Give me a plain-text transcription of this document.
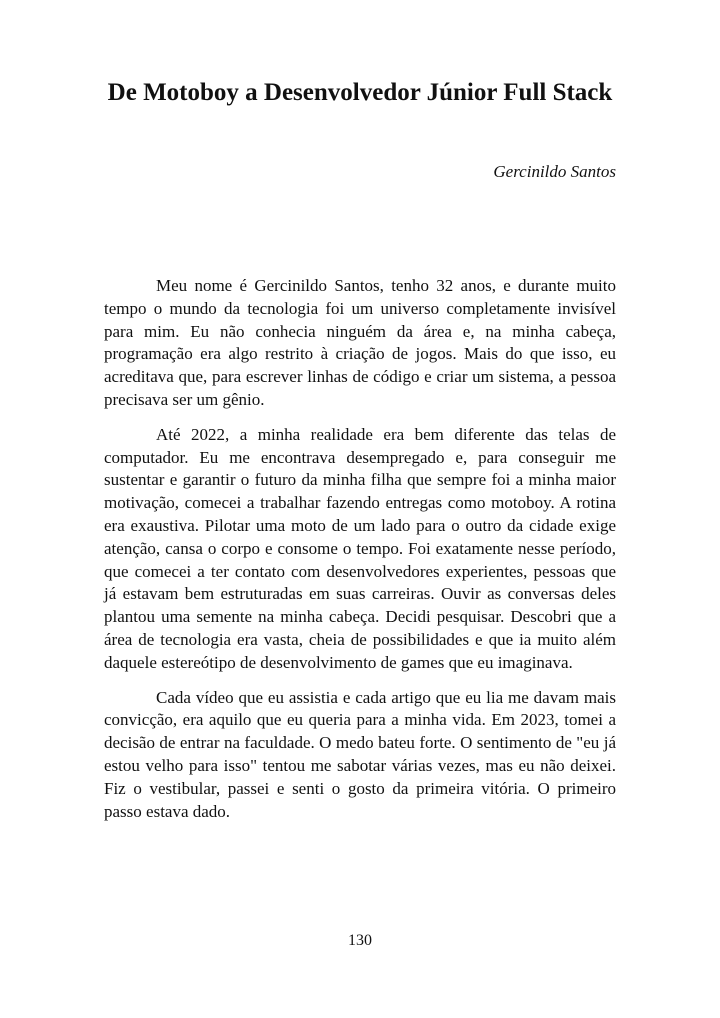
De Motoboy a Desenvolvedor Júnior Full Stack

Gercinildo Santos

Meu nome é Gercinildo Santos, tenho 32 anos, e durante muito tempo o mundo da tecnologia foi um universo completamente invisível para mim. Eu não conhecia ninguém da área e, na minha cabeça, programação era algo restrito à criação de jogos. Mais do que isso, eu acreditava que, para escrever linhas de código e criar um sistema, a pessoa precisava ser um gênio.

Até 2022, a minha realidade era bem diferente das telas de computador. Eu me encontrava desempregado e, para conseguir me sustentar e garantir o futuro da minha filha que sempre foi a minha maior motivação, comecei a trabalhar fazendo entregas como motoboy. A rotina era exaustiva. Pilotar uma moto de um lado para o outro da cidade exige atenção, cansa o corpo e consome o tempo. Foi exatamente nesse período, que comecei a ter contato com desenvolvedores experientes, pessoas que já estavam bem estruturadas em suas carreiras. Ouvir as conversas deles plantou uma semente na minha cabeça. Decidi pesquisar. Descobri que a área de tecnologia era vasta, cheia de possibilidades e que ia muito além daquele estereótipo de desenvolvimento de games que eu imaginava.

Cada vídeo que eu assistia e cada artigo que eu lia me davam mais convicção, era aquilo que eu queria para a minha vida. Em 2023, tomei a decisão de entrar na faculdade. O medo bateu forte. O sentimento de "eu já estou velho para isso" tentou me sabotar várias vezes, mas eu não deixei. Fiz o vestibular, passei e senti o gosto da primeira vitória. O primeiro passo estava dado.

130
